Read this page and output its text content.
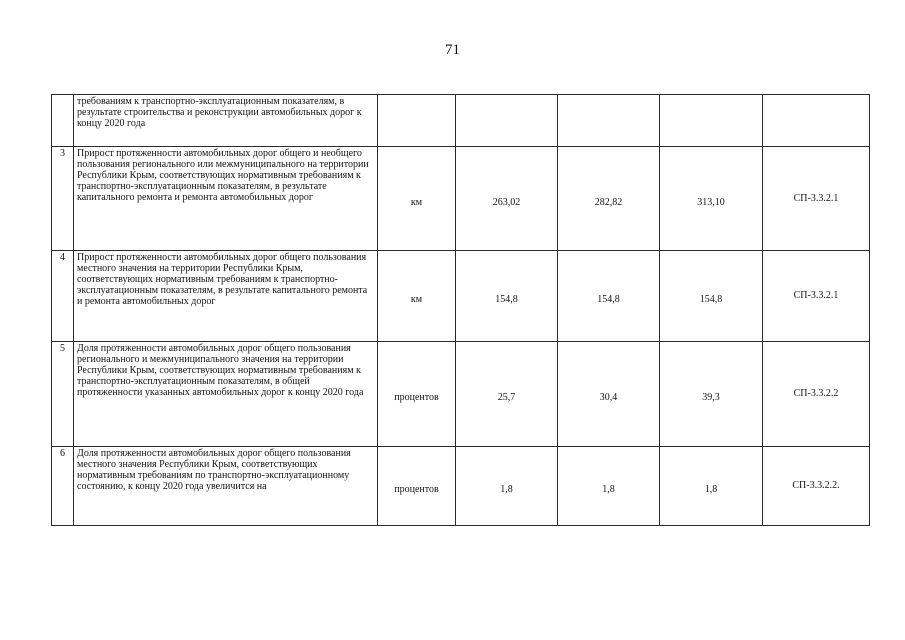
71
	требованиям к транспортно-эксплуатационным показателям, в результате строительства и реконструкции автомобильных дорог к концу 2020 года					
3	Прирост протяженности автомобильных дорог общего и необщего пользования регионального или межмуниципального на территории Республики Крым, соответствующих нормативным требованиям к транспортно-эксплуатационным показателям, в результате капитального ремонта и ремонта автомобильных дорог	км	263,02	282,82	313,10	СП-3.3.2.1
4	Прирост протяженности автомобильных дорог общего пользования местного значения на территории Республики Крым, соответствующих нормативным требованиям к транспортно-эксплуатационным показателям, в результате капитального ремонта и ремонта автомобильных дорог	км	154,8	154,8	154,8	СП-3.3.2.1
5	Доля протяженности автомобильных дорог общего пользования регионального и межмуниципального значения на территории Республики Крым, соответствующих нормативным требованиям к транспортно-эксплуатационным показателям, в общей протяженности указанных автомобильных дорог к концу 2020 года	процентов	25,7	30,4	39,3	СП-3.3.2.2
6	Доля протяженности автомобильных дорог общего пользования местного значения Республики Крым, соответствующих нормативным требованиям по транспортно-эксплуатационному состоянию, к концу 2020 года увеличится на	процентов	1,8	1,8	1,8	СП-3.3.2.2.
